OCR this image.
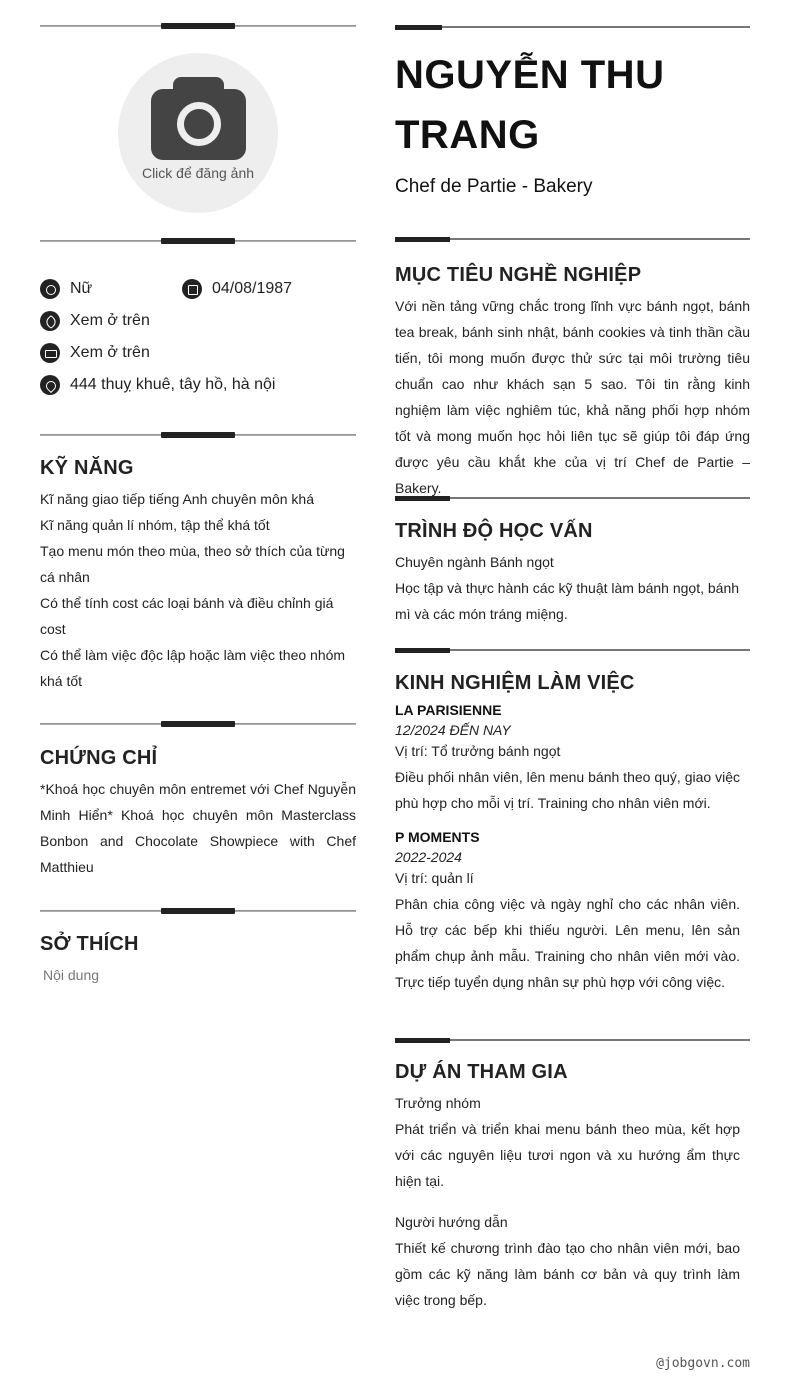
Click để đăng ảnh
Nữ	04/08/1987
Xem ở trên
Xem ở trên
444 thuỵ khuê, tây hồ, hà nội
KỸ NĂNG
Kĩ năng giao tiếp tiếng Anh chuyên môn khá
Kĩ năng quản lí nhóm, tập thể khá tốt
Tạo menu món theo mùa, theo sở thích của từng cá nhân
Có thể tính cost các loại bánh và điều chỉnh giá cost
Có thể làm việc độc lập hoặc làm việc theo nhóm khá tốt
CHỨNG CHỈ
*Khoá học chuyên môn entremet với Chef Nguyễn Minh Hiển* Khoá học chuyên môn Masterclass Bonbon and Chocolate Showpiece with Chef Matthieu
SỞ THÍCH
Nội dung
NGUYỄN THU TRANG
Chef de Partie - Bakery
MỤC TIÊU NGHỀ NGHIỆP
Với nền tảng vững chắc trong lĩnh vực bánh ngọt, bánh tea break, bánh sinh nhật, bánh cookies và tinh thần cầu tiến, tôi mong muốn được thử sức tại môi trường tiêu chuẩn cao như khách sạn 5 sao. Tôi tin rằng kinh nghiệm làm việc nghiêm túc, khả năng phối hợp nhóm tốt và mong muốn học hỏi liên tục sẽ giúp tôi đáp ứng được yêu cầu khắt khe của vị trí Chef de Partie – Bakery.
TRÌNH ĐỘ HỌC VẤN
Chuyên ngành Bánh ngọt
Học tập và thực hành các kỹ thuật làm bánh ngọt, bánh mì và các món tráng miệng.
KINH NGHIỆM LÀM VIỆC
LA PARISIENNE
12/2024 ĐẾN NAY
Vị trí: Tổ trưởng bánh ngọt
Điều phối nhân viên, lên menu bánh theo quý, giao việc phù hợp cho mỗi vị trí. Training cho nhân viên mới.
P MOMENTS
2022-2024
Vị trí: quản lí
Phân chia công việc và ngày nghỉ cho các nhân viên. Hỗ trợ các bếp khi thiếu người. Lên menu, lên sản phẩm chụp ảnh mẫu. Training cho nhân viên mới vào. Trực tiếp tuyển dụng nhân sự phù hợp với công việc.
DỰ ÁN THAM GIA
Trưởng nhóm
Phát triển và triển khai menu bánh theo mùa, kết hợp với các nguyên liệu tươi ngon và xu hướng ẩm thực hiện tại.
Người hướng dẫn
Thiết kế chương trình đào tạo cho nhân viên mới, bao gồm các kỹ năng làm bánh cơ bản và quy trình làm việc trong bếp.
@jobgovn.com
